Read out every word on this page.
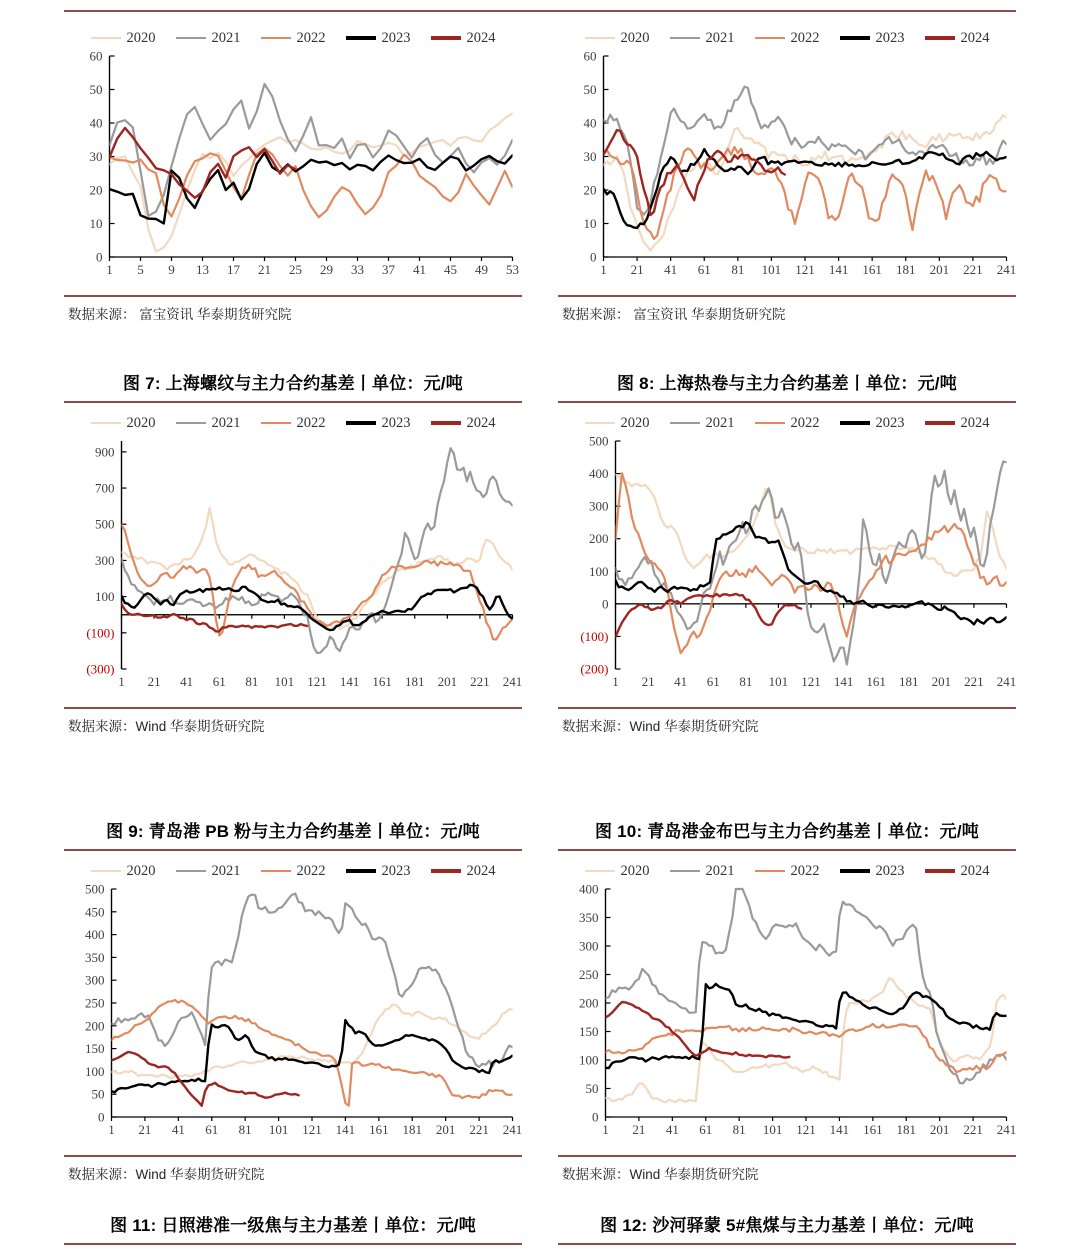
2020	2021	2022	2023	2024
0
10
20
30
40
50
60
1 5 9 13 17 21 25 29 33 37 41 45 49 53
数据来源： 富宝资讯 华泰期货研究院
2020	2021	2022	2023	2024
0
10
20
30
40
50
60
1 21 41 61 81 101 121 141 161 181 201 221 241
数据来源： 富宝资讯 华泰期货研究院
图 7: 上海螺纹与主力合约基差丨单位：元/吨
2020	2021	2022	2023	2024
900
700
500
300
100
(100)
(300)
1 21 41 61 81 101 121 141 161 181 201 221 241
数据来源：Wind 华泰期货研究院
图 8: 上海热卷与主力合约基差丨单位：元/吨
2020	2021	2022	2023	2024
500
400
300
200
100
0
(100)
(200)
1 21 41 61 81 101 121 141 161 181 201 221 241
数据来源：Wind 华泰期货研究院
图 9: 青岛港 PB 粉与主力合约基差丨单位：元/吨
2020	2021	2022	2023	2024
0
50
100
150
200
250
300
350
400
450
500
1 21 41 61 81 101 121 141 161 181 201 221 241
数据来源：Wind 华泰期货研究院
图 10: 青岛港金布巴与主力合约基差丨单位：元/吨
2020	2021	2022	2023	2024
0
50
100
150
200
250
300
350
400
1 21 41 61 81 101 121 141 161 181 201 221 241
数据来源：Wind 华泰期货研究院
图 11: 日照港准一级焦与主力基差丨单位：元/吨	图 12: 沙河驿蒙 5#焦煤与主力基差丨单位：元/吨
